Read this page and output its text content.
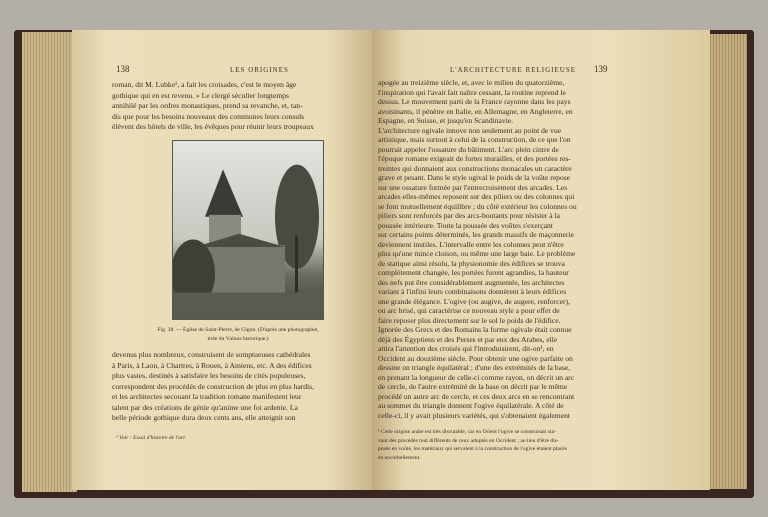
138	LES ORIGINES
roman, dit M. Lubke¹, a fait les croisades, c'est le moyen âge
gothique qui en est revenu. » Le clergé séculier longtemps
annihilé par les ordres monastiques, prend sa revanche, et, tan-
dis que pour les besoins nouveaux des communes leurs consuls
élèvent des hôtels de ville, les évêques pour réunir leurs troupeaux
Fig. 38. — Église de Saint-Pierre, de Gigon. (D'après une photographie,
tirée du Vulnus historique.)
devenus plus nombreux, construisent de somptueuses cathédrales
à Paris, à Laon, à Chartres, à Rouen, à Amiens, etc. A des édifices
plus vastes, destinés à satisfaire les besoins de cités populeuses,
correspondent des procédés de construction de plus en plus hardis,
et les architectes secouant la tradition romane manifestent leur
talent par des créations de génie qu'anime une foi ardente. La
belle période gothique dura deux cents ans, elle atteignit son
¹ Voir : Essai d'histoire de l'art.
L'ARCHITECTURE RELIGIEUSE 139
apogée au treizième siècle, et, avec le milieu du quatorzième,
l'inspiration qui l'avait fait naître cessant, la routine reprend le
dessus. Le mouvement parti de la France rayonne dans les pays
avoisinants, il pénètre en Italie, en Allemagne, en Angleterre, en
Espagne, en Suisse, et jusqu'en Scandinavie.
L'architecture ogivale innove non seulement au point de vue
artistique, mais surtout à celui de la construction, de ce que l'on
pourrait appeler l'ossature du bâtiment. L'arc plein cintre de
l'époque romane exigeait de fortes murailles, et des portées res-
treintes qui donnaient aux constructions monacales un caractère
grave et pesant. Dans le style ogival le poids de la voûte repose
sur une ossature formée par l'entrecroisement des arcades. Les
arcades elles-mêmes reposent sur des piliers ou des colonnes qui
se font mutuellement équilibre ; du côté extérieur les colonnes ou
piliers sont renforcés par des arcs-boutants pour résister à la
poussée intérieure. Toute la poussée des voûtes s'exerçant
sur certains points déterminés, les grands massifs de maçonnerie
deviennent inutiles. L'intervalle entre les colonnes peut n'être
plus qu'une mince cloison, ou même une large baie. Le problème
de statique ainsi résolu, la physionomie des édifices se trouva
complètement changée, les portées furent agrandies, la hauteur
des nefs put être considérablement augmentée, les architectes
variant à l'infini leurs combinaisons donnèrent à leurs édifices
une grande élégance. L'ogive (ou augive, de augere, renforcer),
ou arc brisé, qui caractérise ce nouveau style a pour effet de
faire reposer plus directement sur le sol le poids de l'édifice.
Ignorée des Grecs et des Romains la forme ogivale était connue
déjà des Égyptiens et des Perses et par eux des Arabes, elle
attira l'attention des croisés qui l'introduisirent, dit-on¹, en
Occident au douzième siècle. Pour obtenir une ogive parfaite on
dessine un triangle équilatéral ; d'une des extrémités de la base,
en prenant la longueur de celle-ci comme rayon, on décrit un arc
de cercle, de l'autre extrémité de la base on décrit par le même
procédé un autre arc de cercle, et ces deux arcs en se rencontrant
au sommet du triangle donnent l'ogive équilatérale. A côté de
celle-ci, il y avait plusieurs variétés, qui s'obtenaient également
¹ Cette origine arabe est très discutable, car en Orient l'ogive se construisait sui-
vant des procédés tout différents de ceux adoptés en Occident ; au lieu d'être dis-
posés en voûte, les matériaux qui servaient à la construction de l'ogive étaient placés
en encorbellement.
